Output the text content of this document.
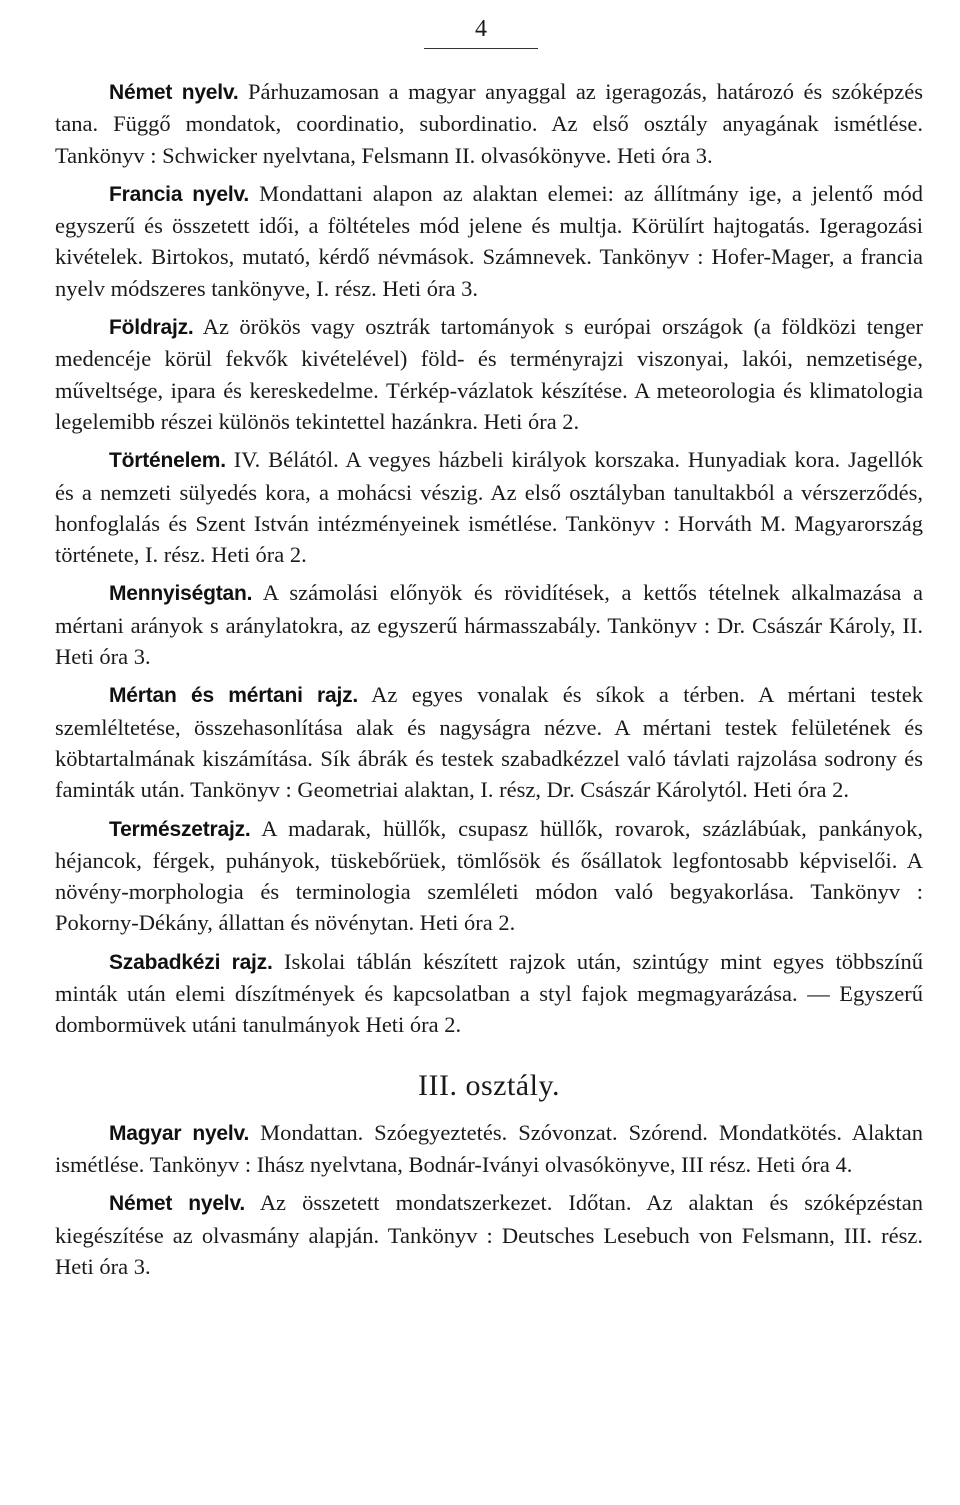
4

Német nyelv. Párhuzamosan a magyar anyaggal az igeragozás, határozó és szóképzés tana. Függő mondatok, coordinatio, subordinatio. Az első osztály anyagának ismétlése. Tankönyv : Schwicker nyelvtana, Felsmann II. olvasókönyve. Heti óra 3.

Francia nyelv. Mondattani alapon az alaktan elemei: az állítmány ige, a jelentő mód egyszerű és összetett idői, a föltételes mód jelene és multja. Körülírt hajtogatás. Igeragozási kivételek. Birtokos, mutató, kérdő névmások. Számnevek. Tankönyv : Hofer-Mager, a francia nyelv módszeres tankönyve, I. rész. Heti óra 3.

Földrajz. Az örökös vagy osztrák tartományok s európai országok (a földközi tenger medencéje körül fekvők kivételével) föld- és terményrajzi viszonyai, lakói, nemzetisége, műveltsége, ipara és kereskedelme. Térkép-vázlatok készítése. A meteorologia és klimatologia legelemibb részei különös tekintettel hazánkra. Heti óra 2.

Történelem. IV. Bélától. A vegyes házbeli királyok korszaka. Hunyadiak kora. Jagellók és a nemzeti sülyedés kora, a mohácsi vészig. Az első osztályban tanultakból a vérszerződés, honfoglalás és Szent István intézményeinek ismétlése. Tankönyv : Horváth M. Magyarország története, I. rész. Heti óra 2.

Mennyiségtan. A számolási előnyök és rövidítések, a kettős tételnek alkalmazása a mértani arányok s aránylatokra, az egyszerű hármasszabály. Tankönyv : Dr. Császár Károly, II. Heti óra 3.

Mértan és mértani rajz. Az egyes vonalak és síkok a térben. A mértani testek szemléltetése, összehasonlítása alak és nagyságra nézve. A mértani testek felületének és köbtartalmának kiszámítása. Sík ábrák és testek szabadkézzel való távlati rajzolása sodrony és faminták után. Tankönyv : Geometriai alaktan, I. rész, Dr. Császár Károlytól. Heti óra 2.

Természetrajz. A madarak, hüllők, csupasz hüllők, rovarok, százlábúak, pankányok, héjancok, férgek, puhányok, tüskebőrüek, tömlősök és ősállatok legfontosabb képviselői. A növény-morphologia és terminologia szemléleti módon való begyakorlása. Tankönyv : Pokorny-Dékány, állattan és növénytan. Heti óra 2.

Szabadkézi rajz. Iskolai táblán készített rajzok után, szintúgy mint egyes többszínű minták után elemi díszítmények és kapcsolatban a styl fajok megmagyarázása. — Egyszerű dombormüvek utáni tanulmányok Heti óra 2.

III. osztály.

Magyar nyelv. Mondattan. Szóegyeztetés. Szóvonzat. Szórend. Mondatkötés. Alaktan ismétlése. Tankönyv : Ihász nyelvtana, Bodnár-Iványi olvasókönyve, III rész. Heti óra 4.

Német nyelv. Az összetett mondatszerkezet. Időtan. Az alaktan és szóképzéstan kiegészítése az olvasmány alapján. Tankönyv : Deutsches Lesebuch von Felsmann, III. rész. Heti óra 3.
